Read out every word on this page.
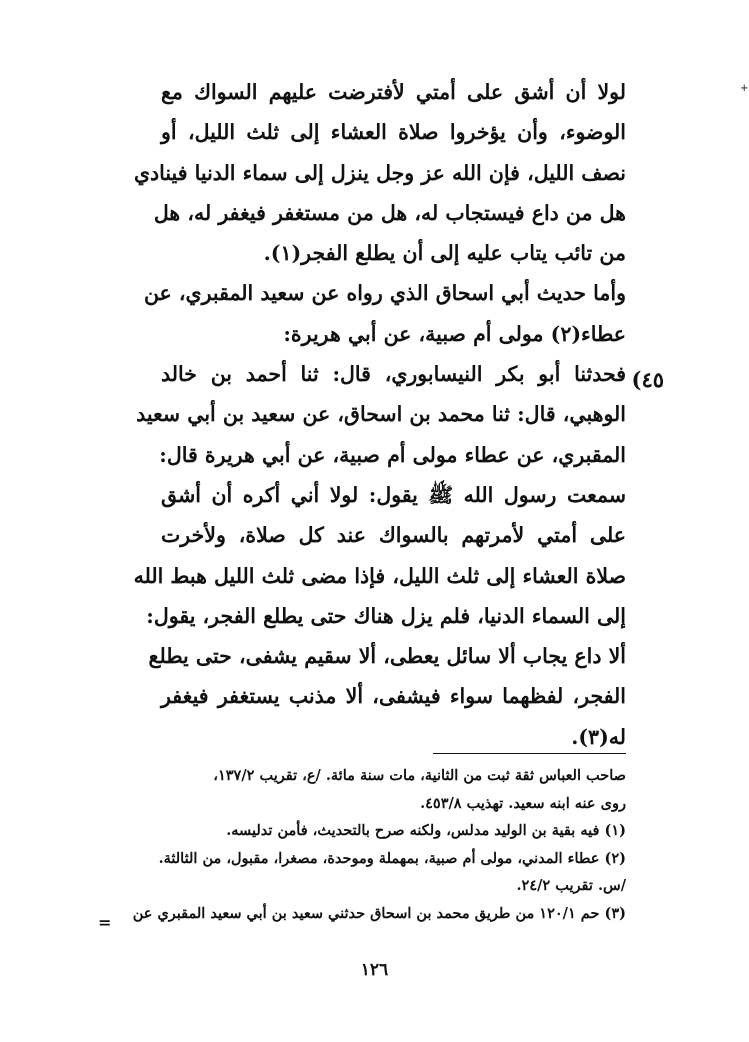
+
لولا أن أشق على أمتي لأفترضت عليهم السواك مع
الوضوء، وأن يؤخروا صلاة العشاء إلى ثلث الليل، أو
نصف الليل، فإن الله عز وجل ينزل إلى سماء الدنيا فينادي
هل من داع فيستجاب له، هل من مستغفر فيغفر له، هل
من تائب يتاب عليه إلى أن يطلع الفجر(١).
وأما حديث أبي اسحاق الذي رواه عن سعيد المقبري، عن
عطاء(٢) مولى أم صبية، عن أبي هريرة:
فحدثنا أبو بكر النيسابوري، قال: ثنا أحمد بن خالد
الوهبي، قال: ثنا محمد بن اسحاق، عن سعيد بن أبي سعيد
المقبري، عن عطاء مولى أم صبية، عن أبي هريرة قال:
سمعت رسول الله ﷺ يقول: لولا أني أكره أن أشق
على أمتي لأمرتهم بالسواك عند كل صلاة، ولأخرت
صلاة العشاء إلى ثلث الليل، فإذا مضى ثلث الليل هبط الله
إلى السماء الدنيا، فلم يزل هناك حتى يطلع الفجر، يقول:
ألا داع يجاب ألا سائل يعطى، ألا سقيم يشفى، حتى يطلع
الفجر، لفظهما سواء فيشفى، ألا مذنب يستغفر فيغفر
له(٣).
٤٥)
صاحب العباس ثقة ثبت من الثانية، مات سنة مائة. /ع، تقريب ١٣٧/٢،
روى عنه ابنه سعيد. تهذيب ٤٥٣/٨.
(١) فيه بقية بن الوليد مدلس، ولكنه صرح بالتحديث، فأمن تدليسه.
(٢) عطاء المدني، مولى أم صبية، بمهملة وموحدة، مصغرا، مقبول، من الثالثة.
/س. تقريب ٢٤/٢.
(٣) حم ١٢٠/١ من طريق محمد بن اسحاق حدثني سعيد بن أبي سعيد المقبري عن
=
١٢٦
